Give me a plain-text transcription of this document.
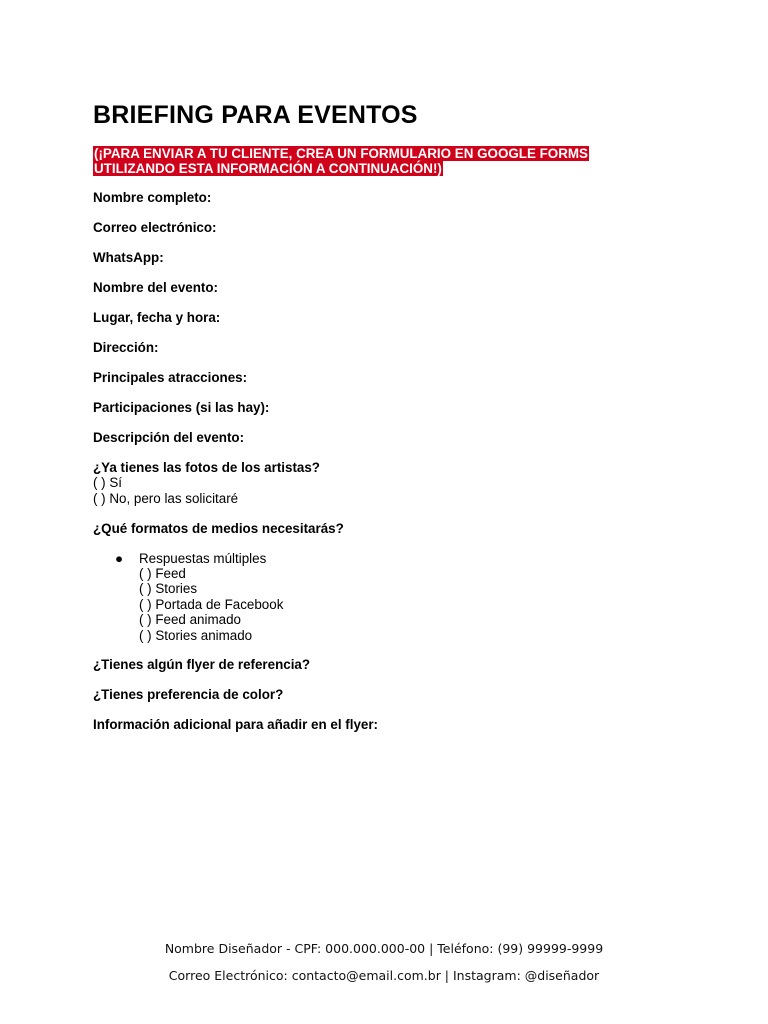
BRIEFING PARA EVENTOS
(¡PARA ENVIAR A TU CLIENTE, CREA UN FORMULARIO EN GOOGLE FORMS
UTILIZANDO ESTA INFORMACIÓN A CONTINUACIÓN!)
Nombre completo:
Correo electrónico:
WhatsApp:
Nombre del evento:
Lugar, fecha y hora:
Dirección:
Principales atracciones:
Participaciones (si las hay):
Descripción del evento:
¿Ya tienes las fotos de los artistas?
( ) Sí
( ) No, pero las solicitaré
¿Qué formatos de medios necesitarás?
● Respuestas múltiples
( ) Feed
( ) Stories
( ) Portada de Facebook
( ) Feed animado
( ) Stories animado
¿Tienes algún flyer de referencia?
¿Tienes preferencia de color?
Información adicional para añadir en el flyer:
Nombre Diseñador - CPF: 000.000.000-00 | Teléfono: (99) 99999-9999
Correo Electrónico: contacto@email.com.br | Instagram: @diseñador
